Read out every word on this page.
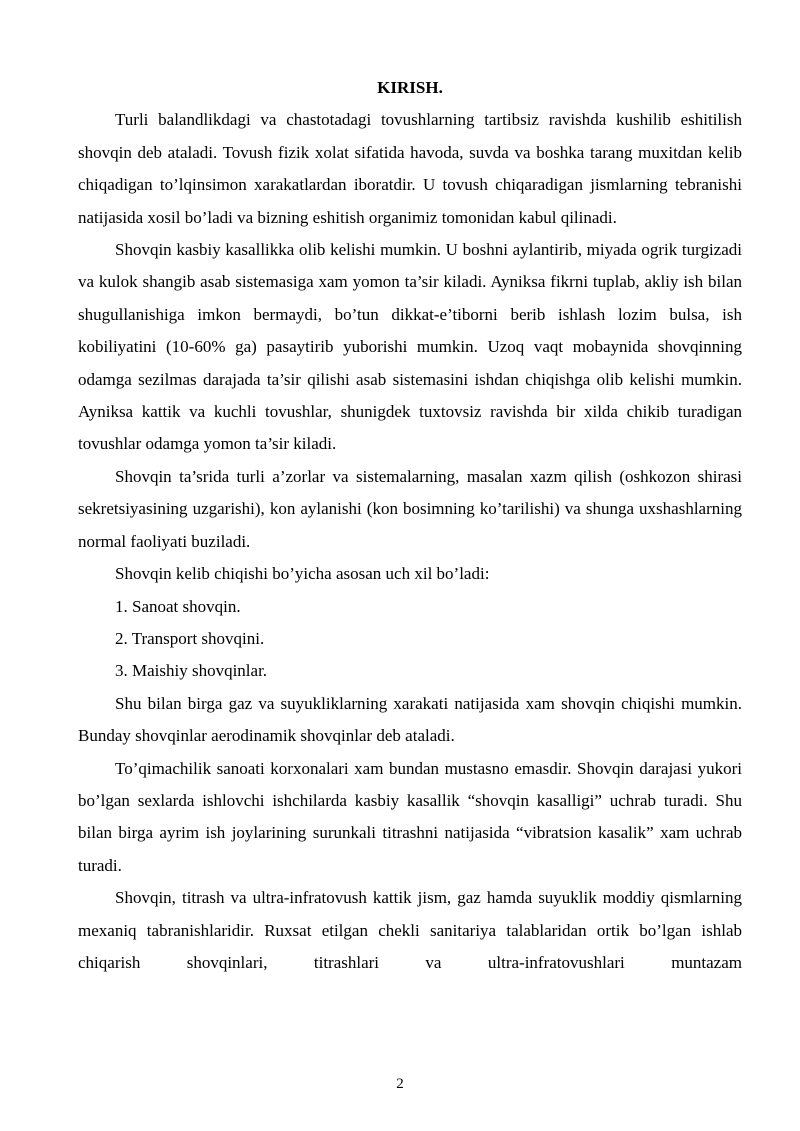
KIRISH.

Turli balandlikdagi va chastotadagi tovushlarning tartibsiz ravishda kushilib eshitilish shovqin deb ataladi. Tovush fizik xolat sifatida havoda, suvda va boshka tarang muxitdan kelib chiqadigan to’lqinsimon xarakatlardan iboratdir. U tovush chiqaradigan jismlarning tebranishi natijasida xosil bo’ladi va bizning eshitish organimiz tomonidan kabul qilinadi.

Shovqin kasbiy kasallikka olib kelishi mumkin. U boshni aylantirib, miyada ogrik turgizadi va kulok shangib asab sistemasiga xam yomon ta’sir kiladi. Ayniksa fikrni tuplab, akliy ish bilan shugullanishiga imkon bermaydi, bo’tun dikkat-e’tiborni berib ishlash lozim bulsa, ish kobiliyatini (10-60% ga) pasaytirib yuborishi mumkin. Uzoq vaqt mobaynida shovqinning odamga sezilmas darajada ta’sir qilishi asab sistemasini ishdan chiqishga olib kelishi mumkin. Ayniksa kattik va kuchli tovushlar, shunigdek tuxtovsiz ravishda bir xilda chikib turadigan tovushlar odamga yomon ta’sir kiladi.

Shovqin ta’srida turli a’zorlar va sistemalarning, masalan xazm qilish (oshkozon shirasi sekretsiyasining uzgarishi), kon aylanishi (kon bosimning ko’tarilishi) va shunga uxshashlarning normal faoliyati buziladi.

Shovqin kelib chiqishi bo’yicha asosan uch xil bo’ladi:

1. Sanoat shovqin.

2. Transport shovqini.

3. Maishiy shovqinlar.

Shu bilan birga gaz va suyukliklarning xarakati natijasida xam shovqin chiqishi mumkin. Bunday shovqinlar aerodinamik shovqinlar deb ataladi.

To’qimachilik sanoati korxonalari xam bundan mustasno emasdir. Shovqin darajasi yukori bo’lgan sexlarda ishlovchi ishchilarda kasbiy kasallik “shovqin kasalligi” uchrab turadi. Shu bilan birga ayrim ish joylarining surunkali titrashni natijasida “vibratsion kasalik” xam uchrab turadi.

Shovqin, titrash va ultra-infratovush kattik jism, gaz hamda suyuklik moddiy qismlarning mexaniq tabranishlaridir. Ruxsat etilgan chekli sanitariya talablaridan ortik bo’lgan ishlab chiqarish shovqinlari, titrashlari va ultra-infratovushlari muntazam

2
